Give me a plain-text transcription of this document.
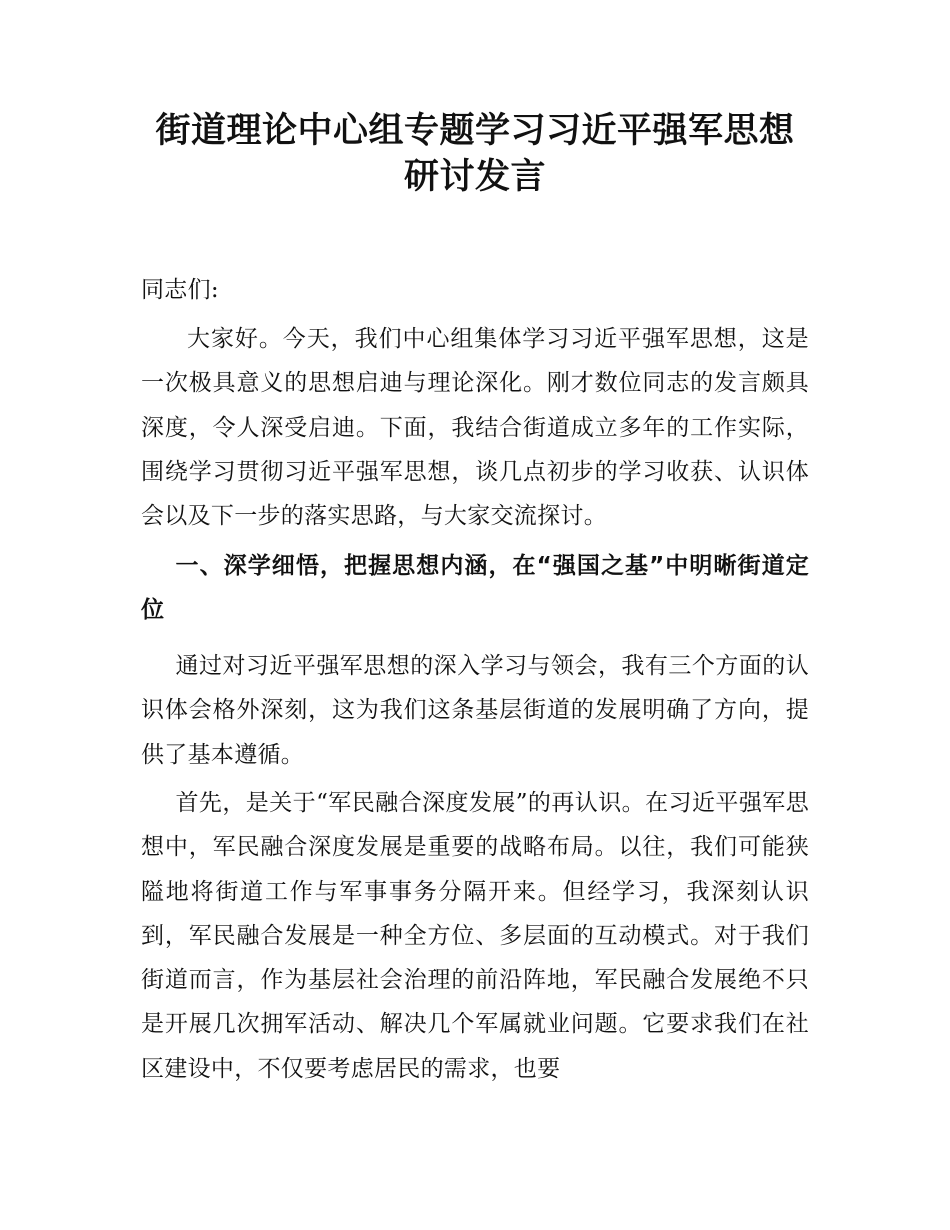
街道理论中心组专题学习习近平强军思想研讨发言

同志们:

大家好。今天，我们中心组集体学习习近平强军思想，这是一次极具意义的思想启迪与理论深化。刚才数位同志的发言颇具深度，令人深受启迪。下面，我结合街道成立多年的工作实际，围绕学习贯彻习近平强军思想，谈几点初步的学习收获、认识体会以及下一步的落实思路，与大家交流探讨。

一、深学细悟，把握思想内涵，在“强国之基”中明晰街道定位

通过对习近平强军思想的深入学习与领会，我有三个方面的认识体会格外深刻，这为我们这条基层街道的发展明确了方向，提供了基本遵循。

首先，是关于“军民融合深度发展”的再认识。在习近平强军思想中，军民融合深度发展是重要的战略布局。以往，我们可能狭隘地将街道工作与军事事务分隔开来。但经学习，我深刻认识到，军民融合发展是一种全方位、多层面的互动模式。对于我们街道而言，作为基层社会治理的前沿阵地，军民融合发展绝不只是开展几次拥军活动、解决几个军属就业问题。它要求我们在社区建设中，不仅要考虑居民的需求，也要
